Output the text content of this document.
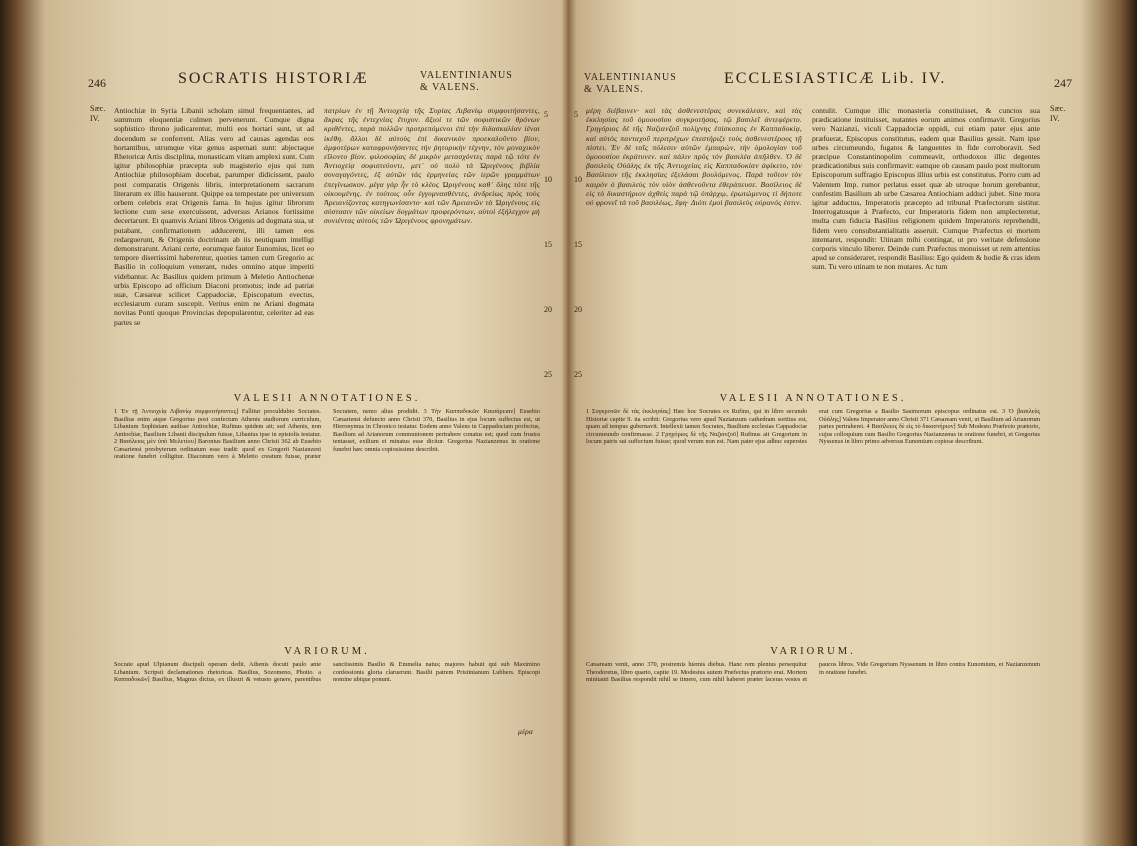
246	SOCRATIS HISTORIÆ	VALENTINIANUS
& VALENS.
Sæc.
IV.

Antiochiæ in Syria Libanii scholam simul frequentantes, ad summum eloquentiæ culmen pervenerunt. Cumque digna sophistico throno judicarentur, multi eos hortari sunt, ut ad docendum se conferrent. Alias vero ad causas agendas eos hortantibus, utrumque vitæ genus aspernati sunt: abjectaque Rhetoricæ Artis disciplina, monasticam vitam amplexi sunt. Cum igitur philosophiæ præcepta sub magisterio ejus qui tum Antiochiæ philosophiam docebat, parumper didicissent, paulo post comparatis Origenis libris, interpretationem sacrarum literarum ex illis hauserunt. Quippe ea tempestate per universum orbem celebris erat Origenis fama. In hujus igitur librorum lectione cum sese exercuissent, adversus Arianos fortissime decertarunt. Et quamvis Ariani libros Origenis ad dogmata sua, ut putabant, confirmationem adducerent, illi tamen eos redarguerunt, & Origenis doctrinam ab iis neutiquam intelligi demonstrarunt. Ariani certe, eorumque fautor Eunomius, licet eo tempore disertissimi haberentur, quoties tamen cum Gregorio ac Basilio in colloquium venerant, rudes omnino atque imperiti videbantur. Ac Basilius quidem primum à Meletio Antiochenæ urbis Episcopo ad officium Diaconi promotus; inde ad patriæ suæ, Cæsareæ scilicet Cappadociæ, Episcopatum evectus, ecclesiarum curam suscepit. Veritus enim ne Ariani dogmata novitas Ponti quoque Provincias depopularentur, celeriter ad eas partes se

πατρίων ἐν τῇ Ἀντιοχείᾳ τῆς Συρίας Λιβανίῳ συμφοιτήσαντες, ἄκρας τῆς ἐντεχνίας ἔτυχον. ἄξιοί τε τῶν σοφιστικῶν θρόνων κριθέντες, παρὰ πολλῶν προτρεπόμενοι ἐπὶ τὴν διδασκαλίαν ἰέναι ἰκέθη. ἄλλοι δὲ αὐτοὺς ἐπὶ δικανικὸν προεκαλοῦντο βίον, ἀμφοτέρων καταφρονήσαντες τὴν ῥητορικὴν τέχνην, τὸν μοναχικὸν εἵλοντο βίον. φιλοσοφίας δὲ μικρὸν μετασχόντες παρὰ τῷ τότε ἐν Ἀντιοχείᾳ σοφιστεύοντι, μετ᾽ οὐ πολὺ τὰ Ὠριγένους βιβλία συναγαγόντες, ἐξ αὐτῶν τὰς ἑρμηνείας τῶν ἱερῶν γραμμάτων ἐπεγίνωσκον. μέγα γὰρ ἦν τὸ κλέος Ὠριγένους καθ᾽ ὅλης τότε τῆς οἰκουμένης. ἐν τούτοις οὖν ἐγγυμνασθέντες, ἀνδρείως πρὸς τοὺς Ἀρειανίζοντας κατηγωνίσαντο· καὶ τῶν Ἀρειανῶν τὰ Ὠριγένους εἰς σύστασιν τῶν οἰκείων δογμάτων προφερόντων, αὐτοὶ ἐξήλεγχον μὴ συνιέντας αὐτοὺς τῶν Ὠριγένους φρονημάτων.

5
10
15
20
25
VALESII ANNOTATIONES.
1 Ἐν τῇ Ἀντιοχείᾳ Λιβανίῳ συμφοιτήσαντες] Fallitur proculdubio Socrates. Basilius enim atque Gregorius post confectum Athenis studiorum curriculum, Libanium Sophistam audisse Antiochiæ, Rufinus quidem ait; sed Athenis, non Antiochiæ, Basilium Libanii discipulum fuisse, Libanius ipse in epistolis testatur. 2 Βασίλειος μὲν ὑπὸ Μελετίου] Baronius Basilium anno Christi 362 ab Eusebio Cæsariensi presbyterum ordinatum esse tradit: quod ex Gregorii Nazianzeni oratione funebri colligitur. Diaconum vero à Meletio creatum fuisse, præter Socratem, nemo alius prodidit. 3 Τὴν Καππαδοκῶν Καισάρειαν] Eusebio Cæsariensi defuncto anno Christi 370, Basilius in ejus locum suffectus est, ut Hieronymus in Chronico testatur. Eodem anno Valens in Cappadociam profectus, Basilium ad Arianorum communionem pertrahere conatus est; quod cum frustra tentasset, exilium ei minatus esse dicitur. Gregorius Nazianzenus in oratione funebri hæc omnia copiosissime describit.
VARIORUM.
Socrate apud Ulpianum discipuli operam dedit. Athenis docuit paulo ante Libanium. Scripsit declamationes rhetoricas. Basilius, Sozomeno, Photio. a Καππαδοκῶν] Basilius, Magnus dictus, ex illustri & vetusto genere, parentibus sanctissimis Basilio & Emmelia natus; majores habuit qui sub Maximino confessionis gloria claruerunt. Basilii patrem Pristinianum Lubbers. Episcopi nomine ubique ponunt.
μέρα
VALENTINIANUS
& VALENS.
ECCLESIASTICÆ Lib. IV.	247
Sæc.
IV.
5
10
15
20
25

μέρη διέβαινεν· καὶ τὰς ἀσθενεστέρας συνεκάλεσεν, καὶ τὰς ἐκκλησίας τοῦ ὁμοουσίου συγκροτήσας, τῷ βασιλεῖ ἀντεφέρετο. Γρηγόριος δὲ τῆς Ναζιανζοῦ πολίχνης ἐπίσκοπος ἐν Καππαδοκίᾳ, καὶ αὐτὸς πανταχοῦ περιτρέχων ἐπεστήριζε τοὺς ἀσθενεστέρους τῇ πίστει. Ἐν δὲ ταῖς πόλεσιν αὐτῶν ἐμπαρὼν, τὴν ὁμολογίαν τοῦ ὁμοουσίου ἐκράτυνεν. καὶ πάλιν πρὸς τὸν βασιλέα ἀπῆλθεν. Ὁ δὲ βασιλεὺς Οὐάλης ἐκ τῆς Ἀντιοχείας εἰς Καππαδοκίαν ἀφίκετο, τὸν Βασίλειον τῆς ἐκκλησίας ἐξελάσαι βουλόμενος. Παρὰ τοῦτον τὸν καιρὸν ὁ βασιλεὺς τὸν υἱὸν ἀσθενοῦντα ἐθεράπευσε. Βασίλειος δὲ εἰς τὸ δικαστήριον ἀχθεὶς παρὰ τῷ ὑπάρχῳ, ἐρωτώμενος τί δήποτε οὐ φρονεῖ τὰ τοῦ βασιλέως, ἔφη· Διότι ἐμοὶ βασιλεὺς οὐρανός ἐστιν.

contulit. Cumque illic monasteria constituisset, & cunctos sua prædicatione instituisset, nutantes eorum animos confirmavit. Gregorius vero Nazianzi, viculi Cappadociæ oppidi, cui etiam pater ejus ante præfuerat, Episcopus constitutus, eadem quæ Basilius gessit. Nam ipse urbes circumeundo, fugatos & languentes in fide corroboravit. Sed præcipue Constantinopolim commeavit, orthodoxos illic degentes prædicationibus suis confirmavit: eamque ob causam paulo post multorum Episcoporum suffragio Episcopus illius urbis est constitutus. Porro cum ad Valentem Imp. rumor perlatus esset quæ ab utroque horum gerebantur, confestim Basilium ab urbe Cæsarea Antiochiam adduci jubet. Sine mora igitur adductus, Imperatoris præcepto ad tribunal Præfectorum sistitur. Interrogatusque à Præfecto, cur Imperatoris fidem non amplecteretur, multa cum fiducia Basilius religionem quidem Imperatoris reprehendit, fidem vero consubstantialitatis asseruit. Cumque Præfectus ei mortem intentaret, respondit: Utinam mihi contingat, ut pro veritate defensione corporis vinculo liberer. Deinde cum Præfectus monuisset ut rem attentius apud se consideraret, respondit Basilius: Ego quidem & hodie & cras idem sum. Tu vero utinam te non mutares. Ac tum

VALESII ANNOTATIONES.
1 Συγκροτῶν δὲ τὰς ἐκκλησίας] Hæc hoc Socrates ex Rufino, qui in libro secundo Historiæ capite 9. ita scribit: Gregorius vero apud Nazianzum cathedram sortitus est, quam ad tempus gubernavit. Intellexit tamen Socrates, Basilium ecclesias Cappadociæ circumeundo confirmasse. 2 Γρηγόριος δὲ τῆς Ναζιανζοῦ] Rufinus ait Gregorium in locum patris sui suffectum fuisse; quod verum non est. Nam pater ejus adhuc superstes erat cum Gregorius a Basilio Sasimorum episcopus ordinatus est. 3 Ὁ βασιλεὺς Οὐάλης] Valens Imperator anno Christi 371 Cæsaream venit, ut Basilium ad Arianorum partes pertraheret. 4 Βασίλειος δὲ εἰς τὸ δικαστήριον] Sub Modesto Præfecto prætorio, cujus colloquium cum Basilio Gregorius Nazianzenus in oratione funebri, et Gregorius Nyssenus in libro primo adversus Eunomium copiose describunt.
VARIORUM.
Cæsaream venit, anno 370, postremis hiemis diebus. Hanc rem plenius persequitur Theodoretus, libro quarto, capite 19. Modestus autem Præfectus prætorio erat. Mortem minitanti Basilius respondit nihil se timere, cum nihil haberet præter laceras vestes et paucos libros. Vide Gregorium Nyssenum in libro contra Eunomium, et Nazianzenum in oratione funebri.
